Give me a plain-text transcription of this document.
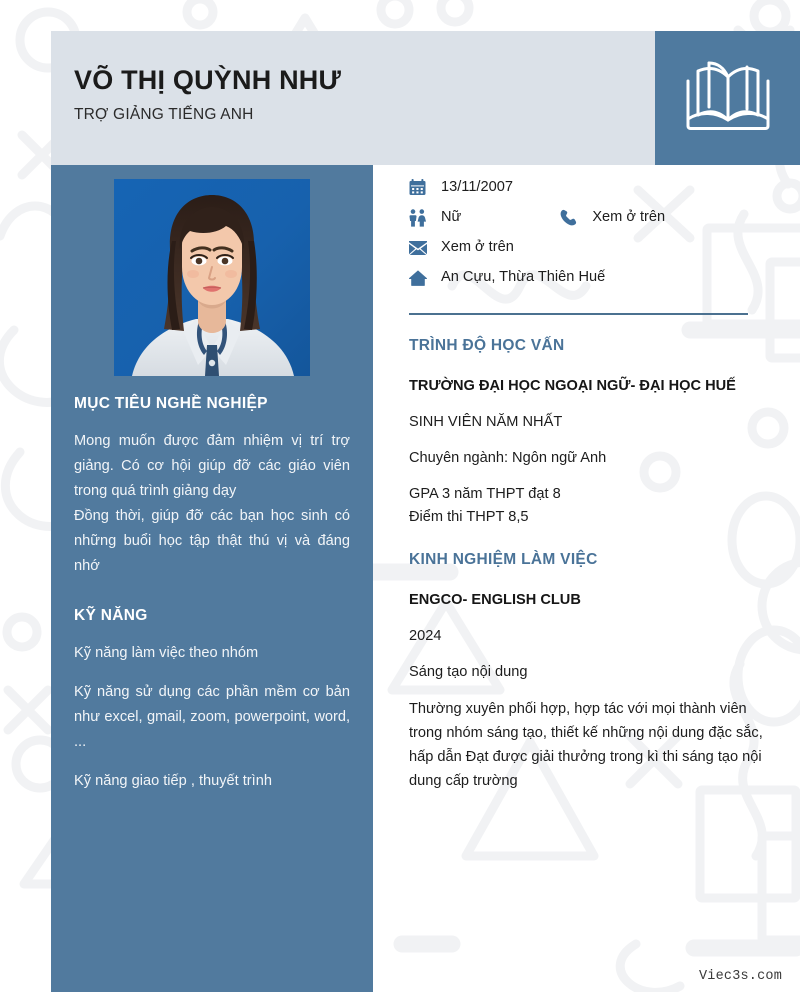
VÕ THỊ QUỲNH NHƯ
TRỢ GIẢNG TIẾNG ANH
MỤC TIÊU NGHỀ NGHIỆP

Mong muốn được đảm nhiệm vị trí trợ giảng. Có cơ hội giúp đỡ các giáo viên trong quá trình giảng dạy

Đồng thời, giúp đỡ các bạn học sinh có những buổi học tập thật thú vị và đáng nhớ

KỸ NĂNG

Kỹ năng làm việc theo nhóm

Kỹ năng sử dụng các phần mềm cơ bản như excel, gmail, zoom, powerpoint, word, ...

Kỹ năng giao tiếp , thuyết trình

13/11/2007
Nữ	Xem ở trên
Xem ở trên
An Cựu, Thừa Thiên Huế
TRÌNH ĐỘ HỌC VẤN
TRƯỜNG ĐẠI HỌC NGOẠI NGỮ- ĐẠI HỌC HUẾ
SINH VIÊN NĂM NHẤT
Chuyên ngành: Ngôn ngữ Anh
GPA 3 năm THPT đạt 8
Điểm thi THPT 8,5
KINH NGHIỆM LÀM VIỆC
ENGCO- ENGLISH CLUB
2024
Sáng tạo nội dung
Thường xuyên phối hợp, hợp tác với mọi thành viên trong nhóm sáng tạo, thiết kế những nội dung đặc sắc, hấp dẫn Đạt được giải thưởng trong kì thi sáng tạo nội dung cấp trường
Viec3s.com
